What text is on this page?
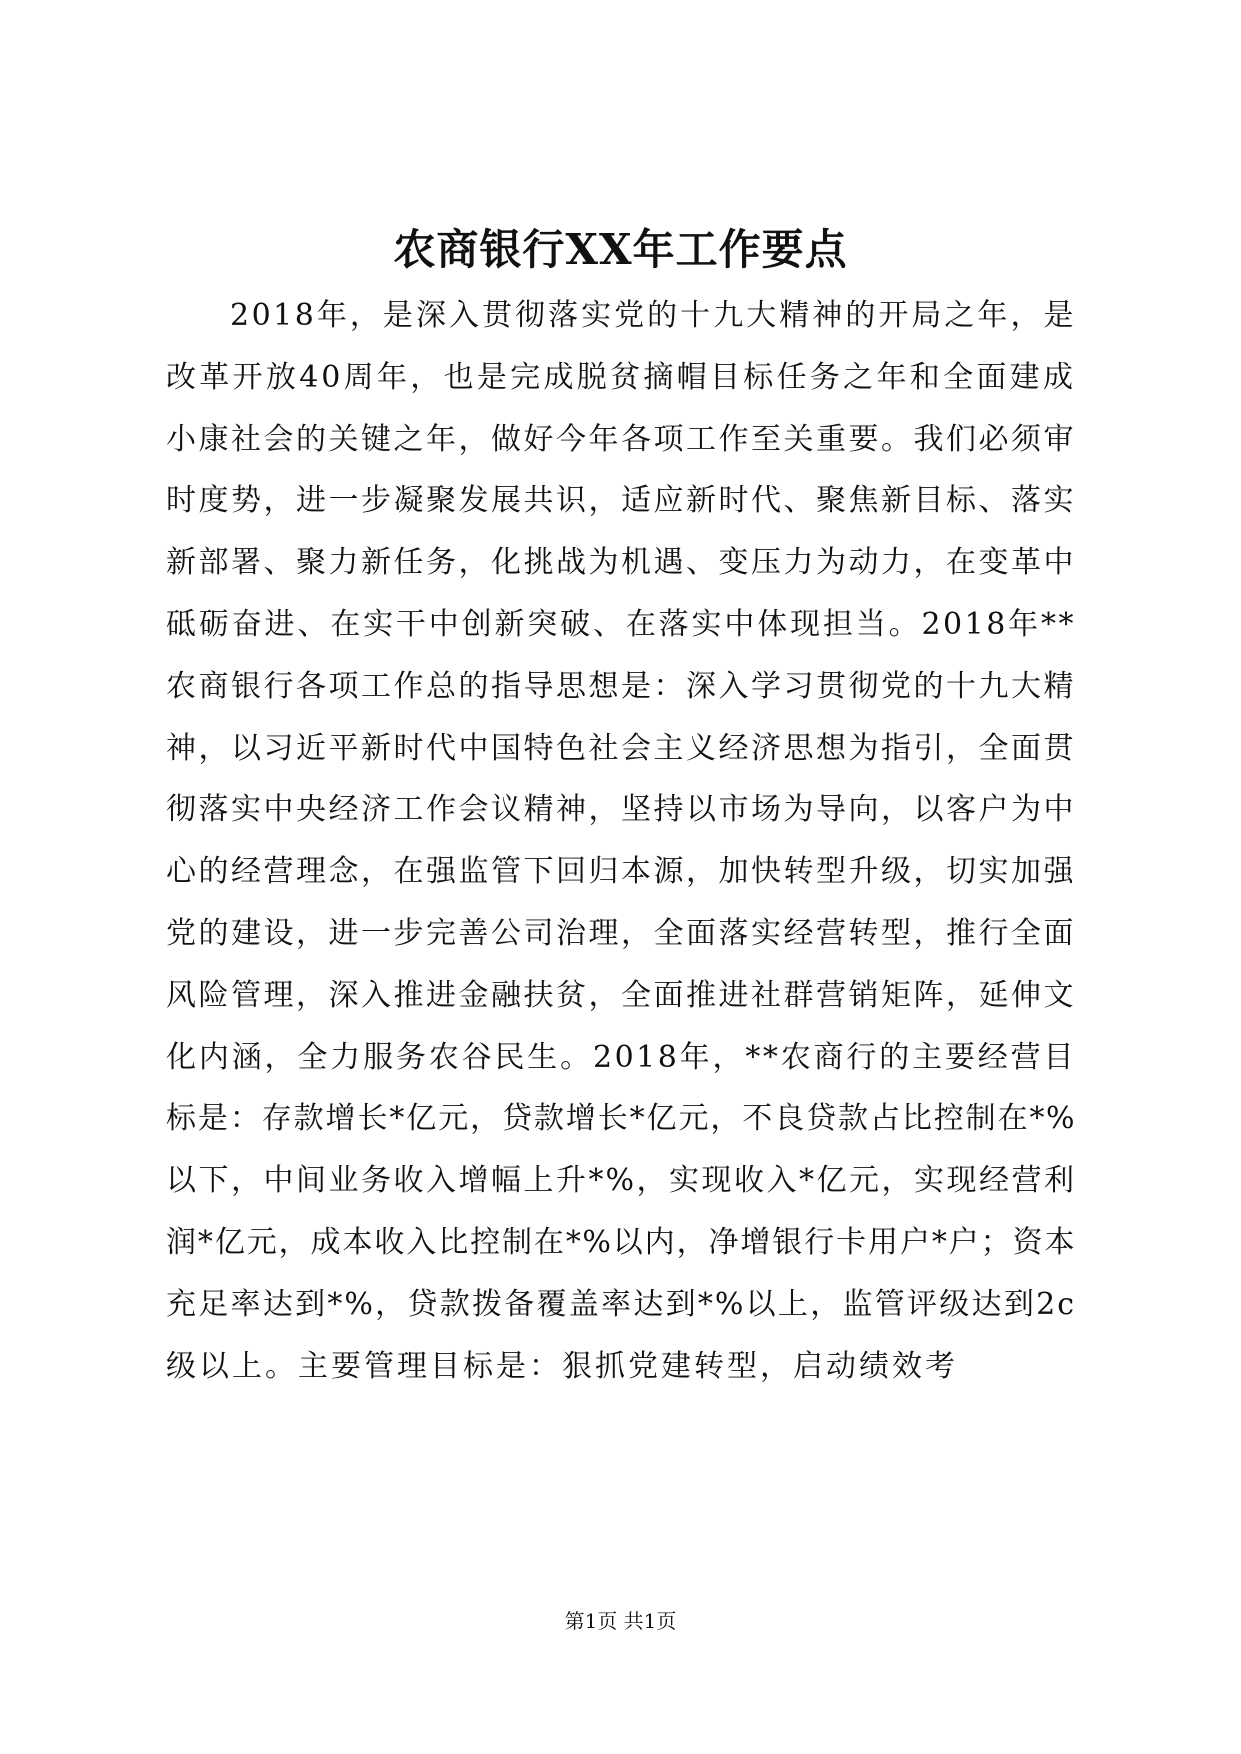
农商银行XX年工作要点
2018年，是深入贯彻落实党的十九大精神的开局之年，是
改革开放40周年，也是完成脱贫摘帽目标任务之年和全面建成
小康社会的关键之年，做好今年各项工作至关重要。我们必须审
时度势，进一步凝聚发展共识，适应新时代、聚焦新目标、落实
新部署、聚力新任务，化挑战为机遇、变压力为动力，在变革中
砥砺奋进、在实干中创新突破、在落实中体现担当。2018年**
农商银行各项工作总的指导思想是：深入学习贯彻党的十九大精
神，以习近平新时代中国特色社会主义经济思想为指引，全面贯
彻落实中央经济工作会议精神，坚持以市场为导向，以客户为中
心的经营理念，在强监管下回归本源，加快转型升级，切实加强
党的建设，进一步完善公司治理，全面落实经营转型，推行全面
风险管理，深入推进金融扶贫，全面推进社群营销矩阵，延伸文
化内涵，全力服务农谷民生。2018年，**农商行的主要经营目
标是：存款增长*亿元，贷款增长*亿元，不良贷款占比控制在*%
以下，中间业务收入增幅上升*%，实现收入*亿元，实现经营利
润*亿元，成本收入比控制在*%以内，净增银行卡用户*户；资本
充足率达到*%，贷款拨备覆盖率达到*%以上，监管评级达到2c
级以上。主要管理目标是：狠抓党建转型，启动绩效考
第1页 共1页
